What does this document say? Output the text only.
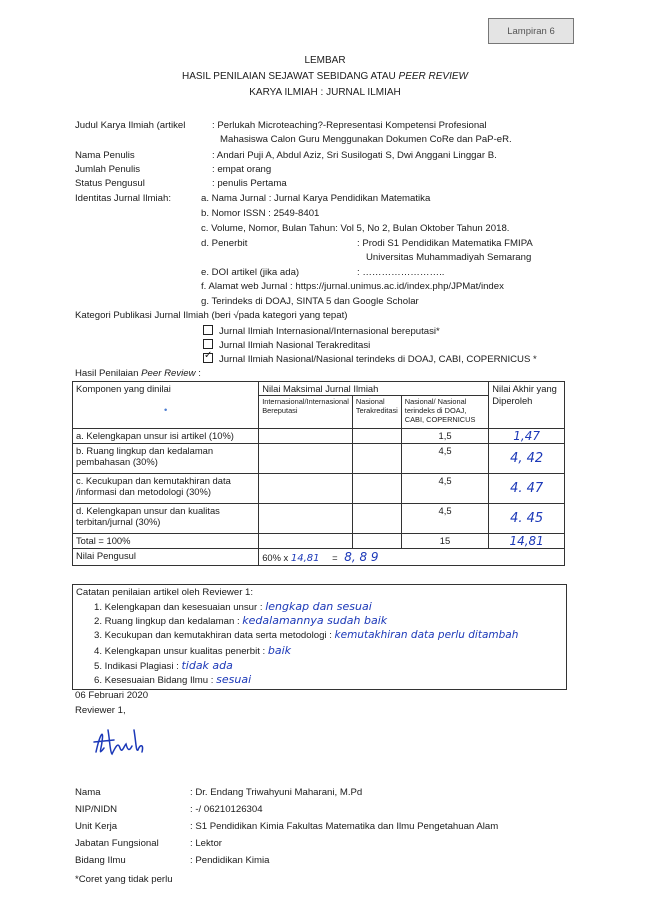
Lampiran 6
LEMBAR
HASIL PENILAIAN SEJAWAT SEBIDANG ATAU PEER REVIEW
KARYA ILMIAH : JURNAL ILMIAH
Judul Karya Ilmiah (artikel	: Perlukah Microteaching?-Representasi Kompetensi Profesional
Mahasiswa Calon Guru Menggunakan Dokumen CoRe dan PaP-eR.
Nama Penulis	: Andari Puji A, Abdul Aziz, Sri Susilogati S, Dwi Anggani Linggar B.
Jumlah Penulis	: empat orang
Status Pengusul	: penulis Pertama
Identitas Jurnal Ilmiah:	a. Nama Jurnal : Jurnal Karya Pendidikan Matematika
b. Nomor ISSN : 2549-8401
c. Volume, Nomor, Bulan Tahun: Vol 5, No 2, Bulan Oktober Tahun 2018.
d. Penerbit	: Prodi S1 Pendidikan Matematika FMIPA
Universitas Muhammadiyah Semarang
e. DOI artikel (jika ada)	: ……………………..
f. Alamat web Jurnal : https://jurnal.unimus.ac.id/index.php/JPMat/index
g. Terindeks di DOAJ, SINTA 5 dan Google Scholar
Kategori Publikasi Jurnal Ilmiah (beri √pada kategori yang tepat)
Jurnal Ilmiah Internasional/Internasional bereputasi*
Jurnal Ilmiah Nasional Terakreditasi
✓Jurnal Ilmiah Nasional/Nasional terindeks di DOAJ, CABI, COPERNICUS *
Hasil Penilaian Peer Review :
Komponen yang dinilai
•	Nilai Maksimal Jurnal Ilmiah			Nilai Akhir yang Diperoleh
	Internasional/Internasional Bereputasi	Nasional Terakreditasi	Nasional/ Nasional terindeks di DOAJ, CABI, COPERNICUS	
a. Kelengkapan unsur isi artikel (10%)			1,5	1,47
b. Ruang lingkup dan kedalaman pembahasan (30%)			4,5	4, 42
c. Kecukupan dan kemutakhiran data /informasi dan metodologi (30%)			4,5	4. 47
d. Kelengkapan unsur dan kualitas terbitan/jurnal (30%)			4,5	4. 45
Total = 100%			15	14,81
Nilai Pengusul	60% x 14,81 = 8, 8 9			
Catatan penilaian artikel oleh Reviewer 1:
1. Kelengkapan dan kesesuaian unsur : lengkap dan sesuai
2. Ruang lingkup dan kedalaman : kedalamannya sudah baik
3. Kecukupan dan kemutakhiran data serta metodologi : kemutakhiran data perlu ditambah
4. Kelengkapan unsur kualitas penerbit : baik
5. Indikasi Plagiasi : tidak ada
6. Kesesuaian Bidang Ilmu : sesuai
06 Februari 2020
Reviewer 1,
Nama	: Dr. Endang Triwahyuni Maharani, M.Pd
NIP/NIDN	: -/ 06210126304
Unit Kerja	: S1 Pendidikan Kimia Fakultas Matematika dan Ilmu Pengetahuan Alam
Jabatan Fungsional	: Lektor
Bidang Ilmu	: Pendidikan Kimia
*Coret yang tidak perlu
